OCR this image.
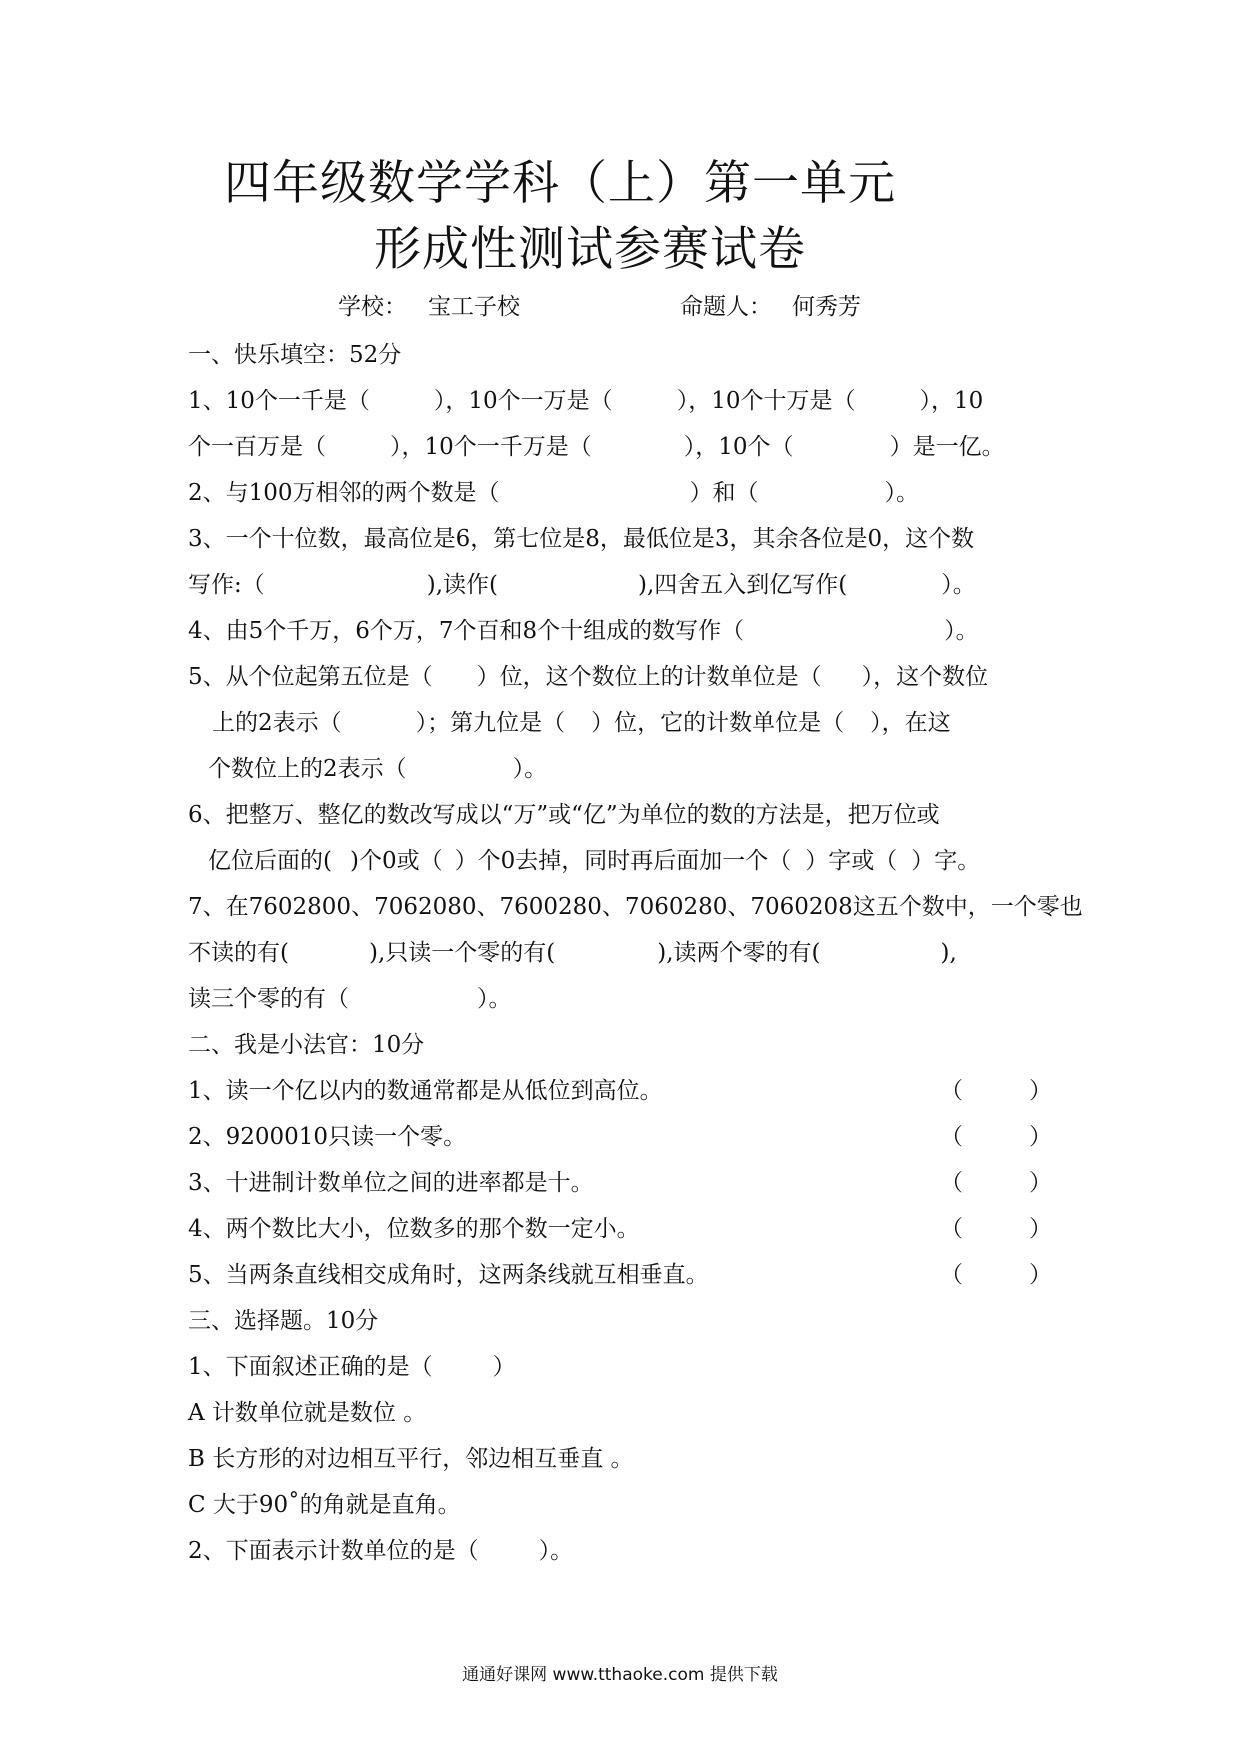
四年级数学学科（上）第一单元
形成性测试参赛试卷
学校： 宝工子校	命题人： 何秀芳
一、快乐填空：52分
1、10个一千是（	），10个一万是（	），10个十万是（	），10
个一百万是（	），10个一千万是（	），10个（	）是一亿。
2、与100万相邻的两个数是（	）和（	）。
3、一个十位数，最高位是6，第七位是8，最低位是3，其余各位是0，这个数
写作:（	),读作(	),四舍五入到亿写作(	）。
4、由5个千万，6个万，7个百和8个十组成的数写作（	）。
5、从个位起第五位是（ ）位，这个数位上的计数单位是（ ），这个数位
上的2表示（	）；第九位是（ ）位，它的计数单位是（ ），在这
个数位上的2表示（	）。
6、把整万、整亿的数改写成以“万”或“亿”为单位的数的方法是，把万位或
亿位后面的( )个0或（ ）个0去掉，同时再后面加一个（ ）字或（ ）字。
7、在7602800、7062080、7600280、7060280、7060208这五个数中，一个零也
不读的有(	),只读一个零的有(	),读两个零的有(	),
读三个零的有（	）。
二、我是小法官：10分
1、读一个亿以内的数通常都是从低位到高位。	（	）
2、9200010只读一个零。	（	）
3、十进制计数单位之间的进率都是十。	（	）
4、两个数比大小，位数多的那个数一定小。	（	）
5、当两条直线相交成角时，这两条线就互相垂直。	（	）
三、选择题。10分
1、下面叙述正确的是（	）
A 计数单位就是数位 。
B 长方形的对边相互平行，邻边相互垂直 。
C 大于90˚的角就是直角。
2、下面表示计数单位的是（	）。
通通好课网 www.tthaoke.com 提供下载
